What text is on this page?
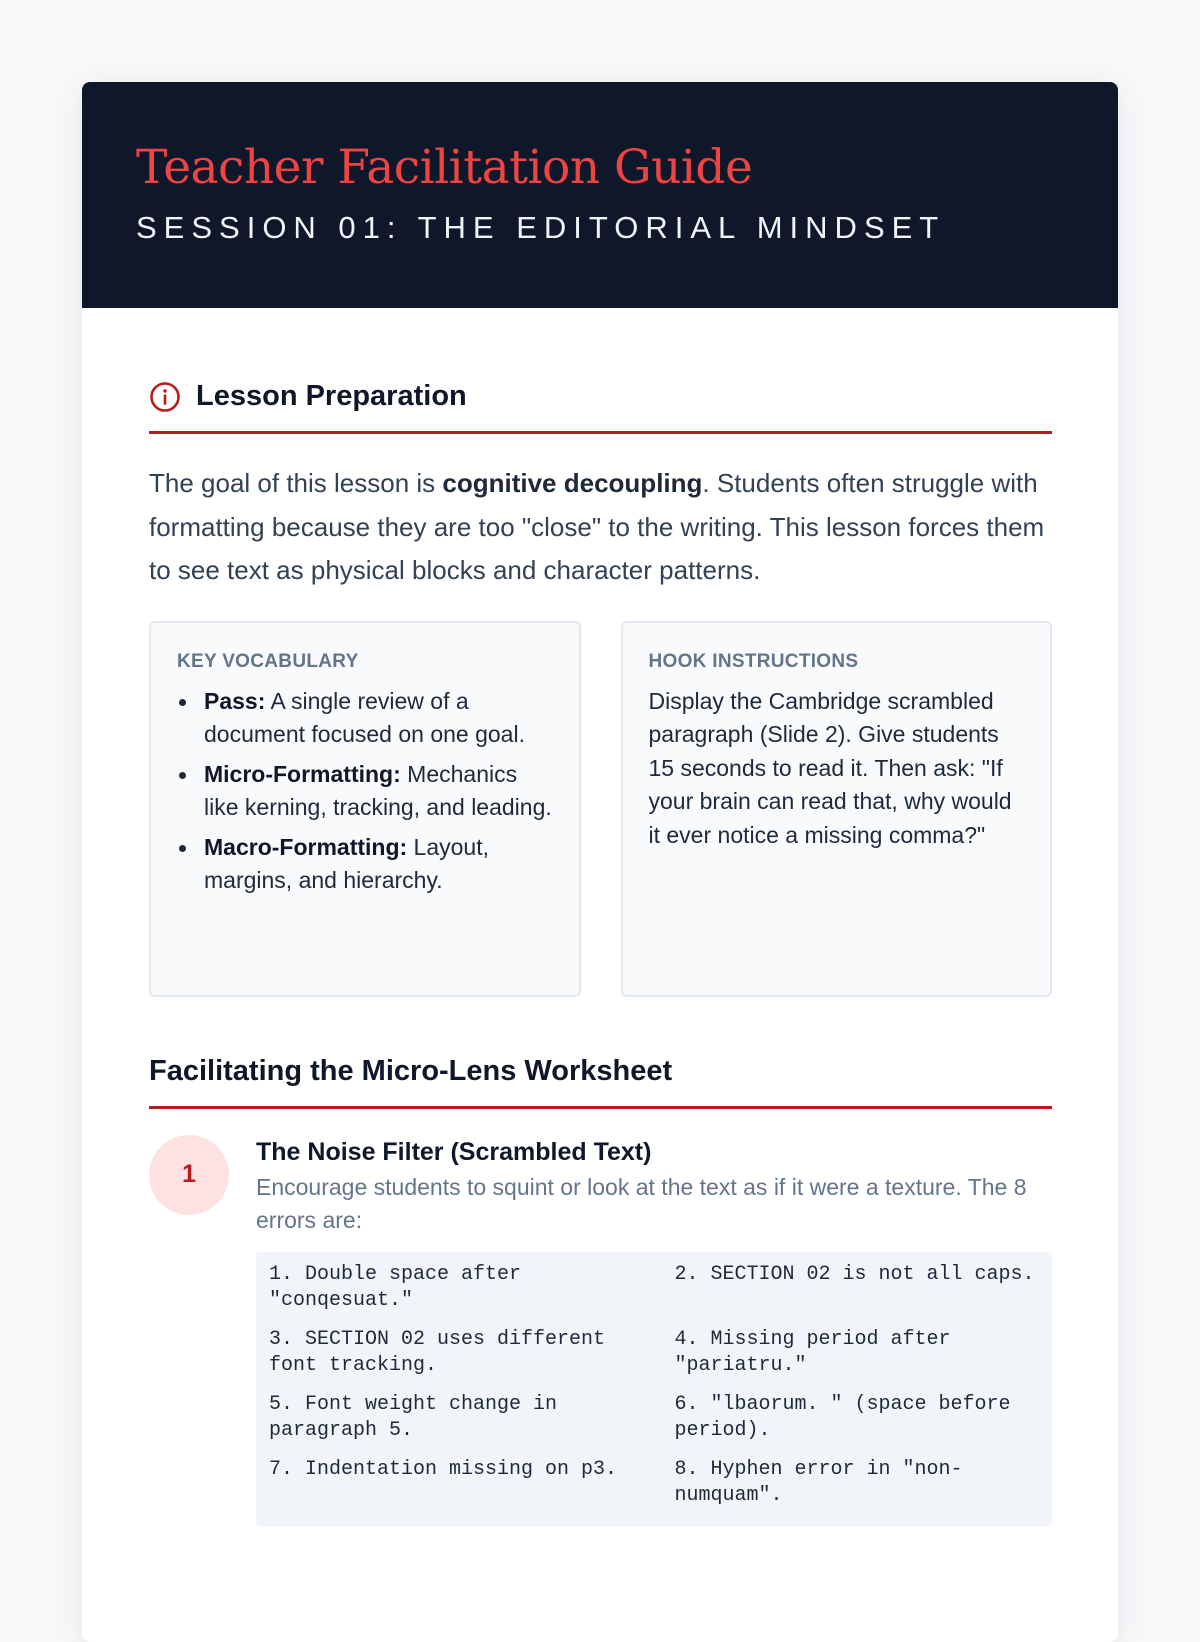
Teacher Facilitation Guide
SESSION 01: THE EDITORIAL MINDSET
Lesson Preparation

The goal of this lesson is cognitive decoupling. Students often struggle with formatting because they are too "close" to the writing. This lesson forces them to see text as physical blocks and character patterns.

KEY VOCABULARY
Pass: A single review of a document focused on one goal.
Micro-Formatting: Mechanics like kerning, tracking, and leading.
Macro-Formatting: Layout, margins, and hierarchy.
HOOK INSTRUCTIONS

Display the Cambridge scrambled paragraph (Slide 2). Give students 15 seconds to read it. Then ask: "If your brain can read that, why would it ever notice a missing comma?"

Facilitating the Micro-Lens Worksheet
1
The Noise Filter (Scrambled Text)

Encourage students to squint or look at the text as if it were a texture. The 8 errors are:

1. Double space after "conqesuat."
2. SECTION 02 is not all caps.
3. SECTION 02 uses different font tracking.
4. Missing period after "pariatru."
5. Font weight change in paragraph 5.
6. "lbaorum. " (space before period).
7. Indentation missing on p3.	8. Hyphen error in "non-numquam".
